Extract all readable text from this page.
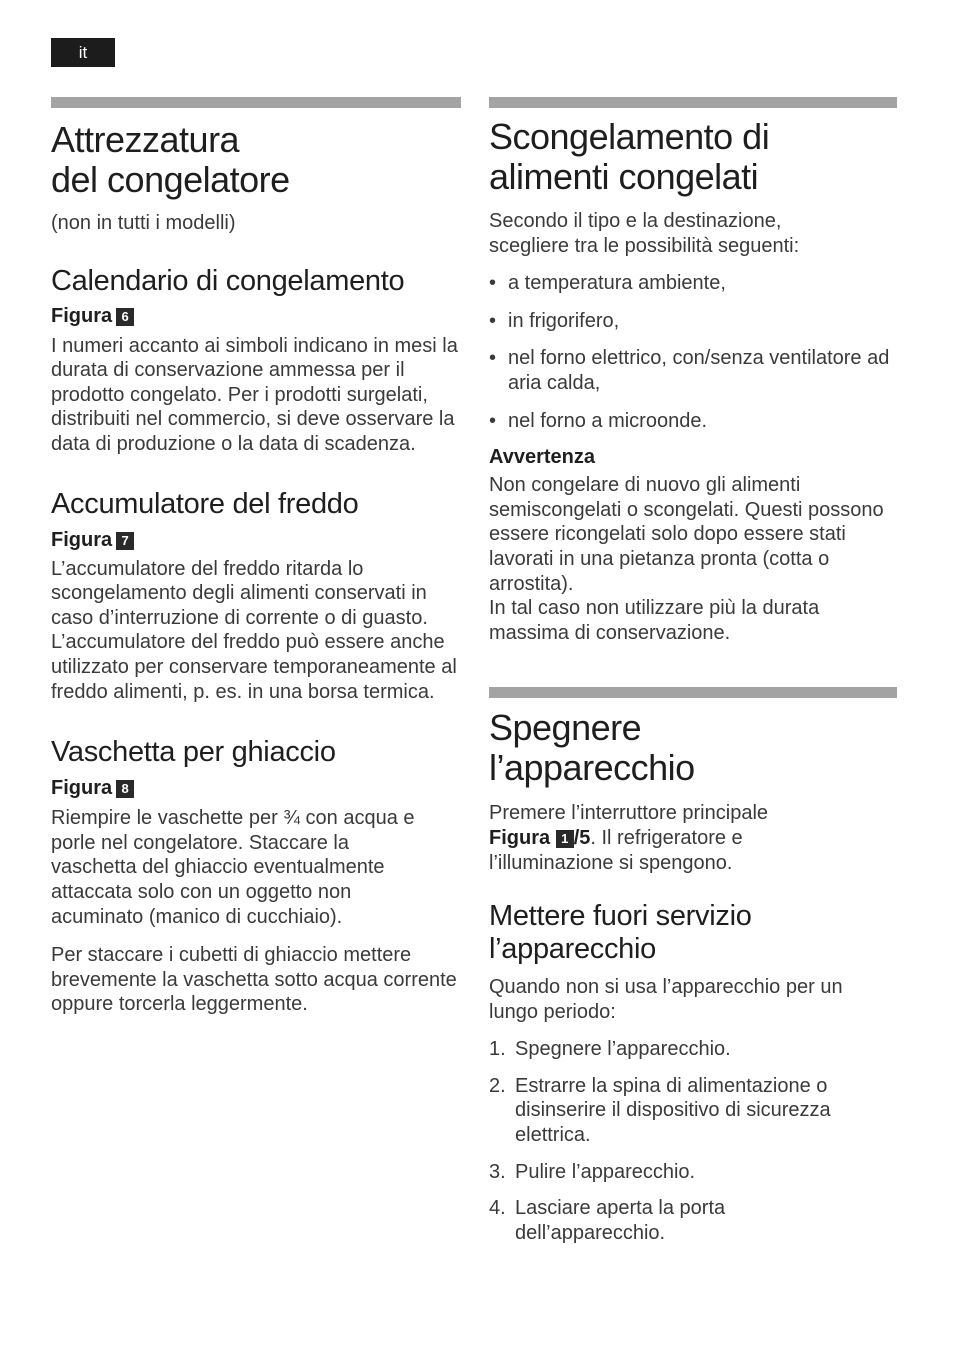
it
Attrezzatura
del congelatore

(non in tutti i modelli)

Calendario di congelamento
Figura 6

I numeri accanto ai simboli indicano in mesi la durata di conservazione ammessa per il prodotto congelato. Per i prodotti surgelati, distribuiti nel commercio, si deve osservare la data di produzione o la data di scadenza.

Accumulatore del freddo
Figura 7

L’accumulatore del freddo ritarda lo scongelamento degli alimenti conservati in caso d’interruzione di corrente o di guasto. L’accumulatore del freddo può essere anche utilizzato per conservare temporaneamente al freddo alimenti, p. es. in una borsa termica.

Vaschetta per ghiaccio
Figura 8

Riempire le vaschette per ¾ con acqua e porle nel congelatore. Staccare la vaschetta del ghiaccio eventualmente attaccata solo con un oggetto non acuminato (manico di cucchiaio).

Per staccare i cubetti di ghiaccio mettere brevemente la vaschetta sotto acqua corrente oppure torcerla leggermente.

Scongelamento di
alimenti congelati

Secondo il tipo e la destinazione, scegliere tra le possibilità seguenti:

• a temperatura ambiente,
• in frigorifero,
• nel forno elettrico, con/senza ventilatore ad aria calda,
• nel forno a microonde.
Avvertenza

Non congelare di nuovo gli alimenti semiscongelati o scongelati. Questi possono essere ricongelati solo dopo essere stati lavorati in una pietanza pronta (cotta o arrostita).

In tal caso non utilizzare più la durata massima di conservazione.

Spegnere
l’apparecchio

Premere l’interruttore principale Figura 1 /5. Il refrigeratore e l’illuminazione si spengono.

Mettere fuori servizio
l’apparecchio

Quando non si usa l’apparecchio per un lungo periodo:

1. Spegnere l’apparecchio.
2. Estrarre la spina di alimentazione o disinserire il dispositivo di sicurezza elettrica.
3. Pulire l’apparecchio.
4. Lasciare aperta la porta dell’apparecchio.
